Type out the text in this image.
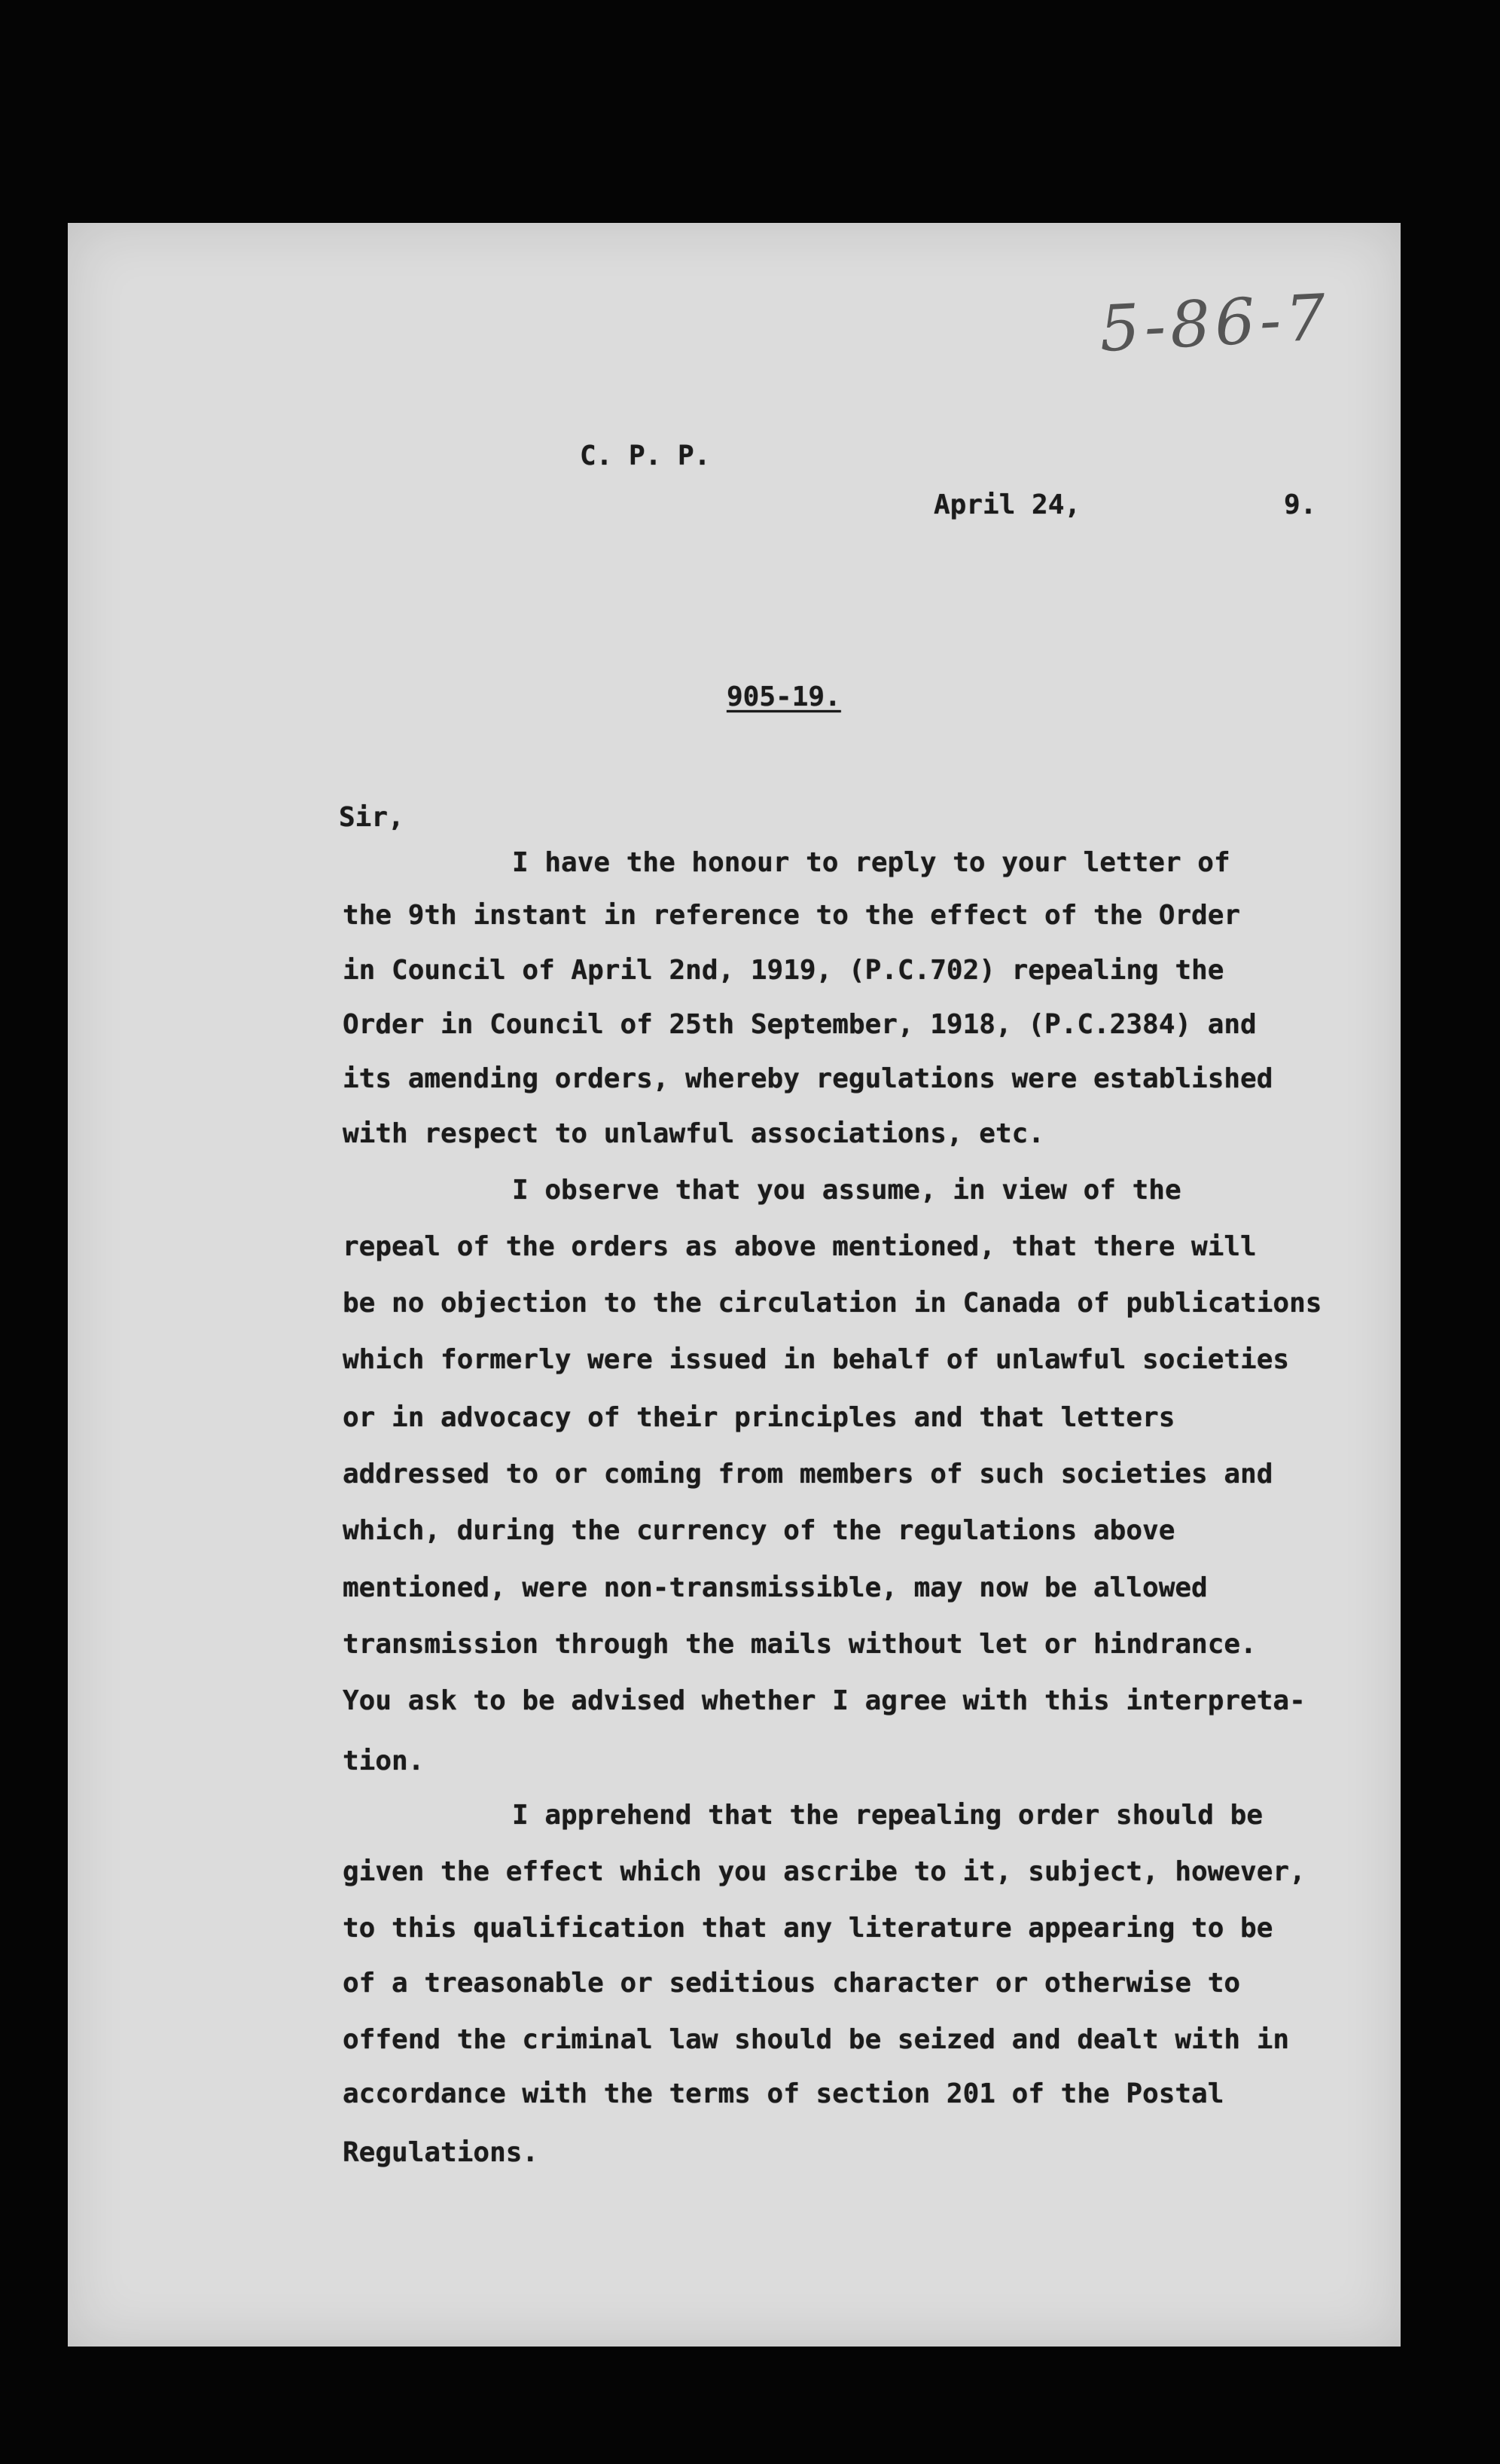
5-86-7
C. P. P.
April 24,	9.
905-19.
Sir,
I have the honour to reply to your letter of
the 9th instant in reference to the effect of the Order
in Council of April 2nd, 1919, (P.C.702) repealing the
Order in Council of 25th September, 1918, (P.C.2384) and
its amending orders, whereby regulations were established
with respect to unlawful associations, etc.
I observe that you assume, in view of the
repeal of the orders as above mentioned, that there will
be no objection to the circulation in Canada of publications
which formerly were issued in behalf of unlawful societies
or in advocacy of their principles and that letters
addressed to or coming from members of such societies and
which, during the currency of the regulations above
mentioned, were non-transmissible, may now be allowed
transmission through the mails without let or hindrance.
You ask to be advised whether I agree with this interpreta-
tion.
I apprehend that the repealing order should be
given the effect which you ascribe to it, subject, however,
to this qualification that any literature appearing to be
of a treasonable or seditious character or otherwise to
offend the criminal law should be seized and dealt with in
accordance with the terms of section 201 of the Postal
Regulations.
